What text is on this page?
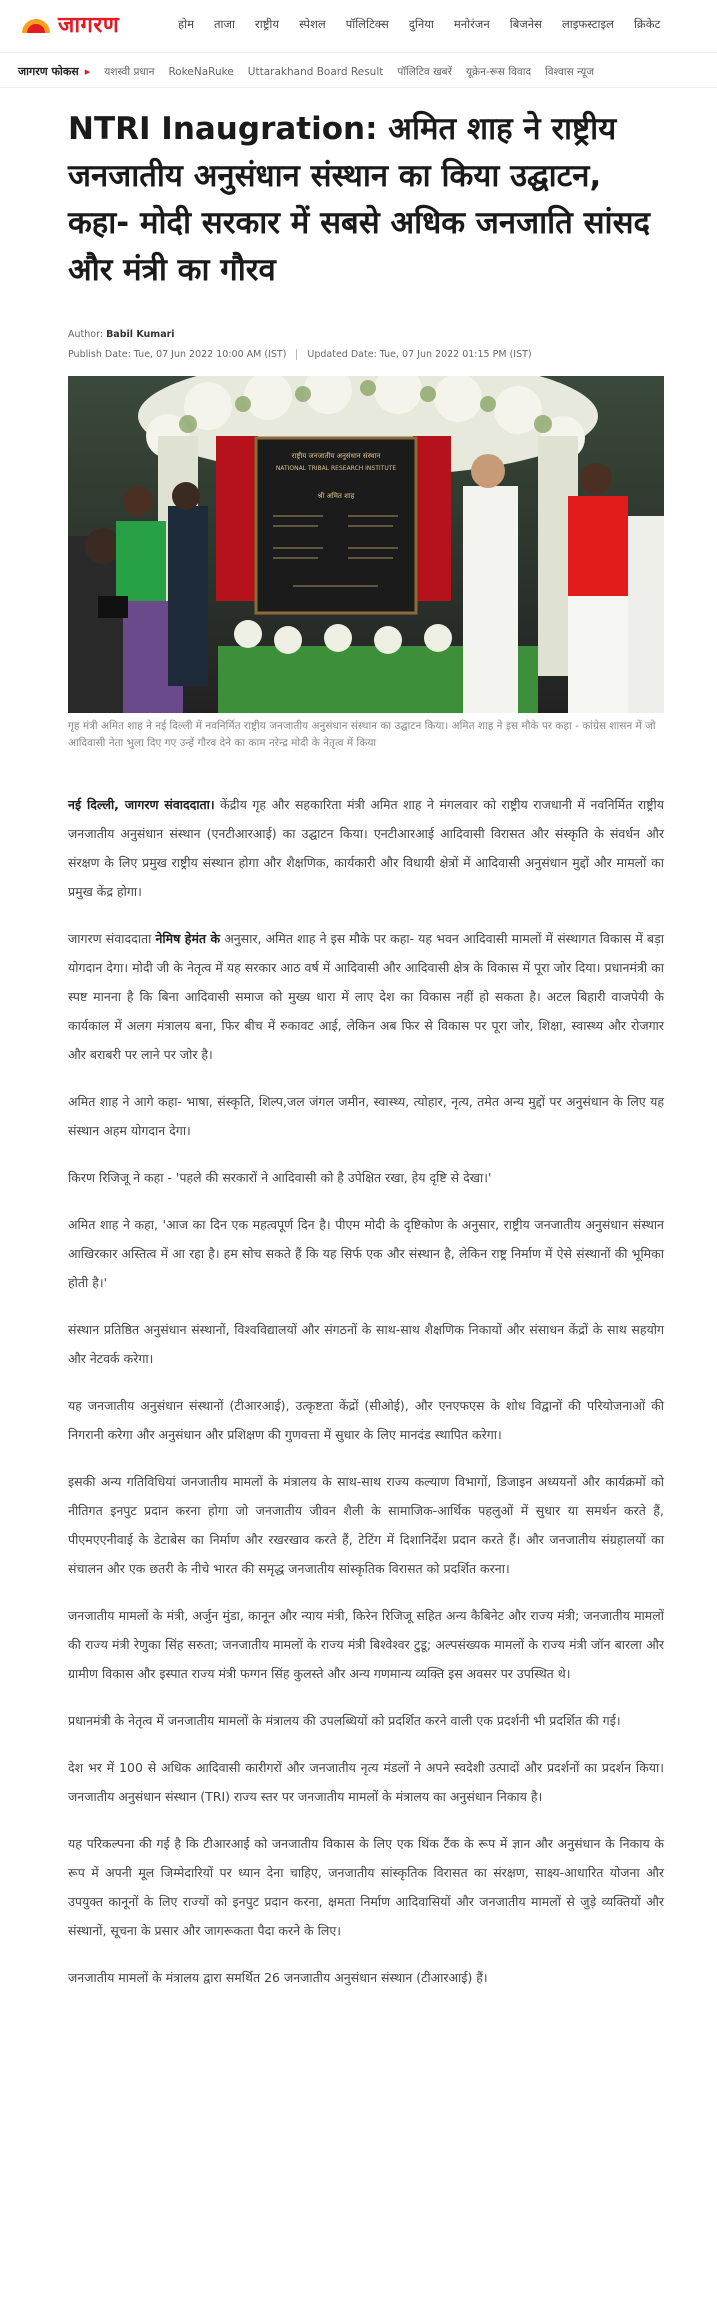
जागरण	होम ताजा राष्ट्रीय स्पेशल पॉलिटिक्स दुनिया मनोरंजन बिजनेस लाइफस्टाइल क्रिकेट
जागरण फोकस ▸ यशस्वी प्रधान RokeNaRuke Uttarakhand Board Result पॉलिटिव खबरें यूक्रेन-रूस विवाद विश्वास न्यूज
NTRI Inaugration: अमित शाह ने राष्ट्रीय जनजातीय अनुसंधान संस्थान का किया उद्घाटन, कहा- मोदी सरकार में सबसे अधिक जनजाति सांसद और मंत्री का गौरव
Author: Babil Kumari
Publish Date: Tue, 07 Jun 2022 10:00 AM (IST) Updated Date: Tue, 07 Jun 2022 01:15 PM (IST)
राष्ट्रीय जनजातीय अनुसंधान संस्थान
NATIONAL TRIBAL RESEARCH INSTITUTE
श्री अमित शाह
गृह मंत्री अमित शाह ने नई दिल्ली में नवनिर्मित राष्ट्रीय जनजातीय अनुसंधान संस्थान का उद्घाटन किया। अमित शाह ने इस मौके पर कहा - कांग्रेस शासन में जो आदिवासी नेता भुला दिए गए उन्हें गौरव देने का काम नरेन्द्र मोदी के नेतृत्व में किया

नई दिल्ली, जागरण संवाददाता। केंद्रीय गृह और सहकारिता मंत्री अमित शाह ने मंगलवार को राष्ट्रीय राजधानी में नवनिर्मित राष्ट्रीय जनजातीय अनुसंधान संस्थान (एनटीआरआई) का उद्घाटन किया। एनटीआरआई आदिवासी विरासत और संस्कृति के संवर्धन और संरक्षण के लिए प्रमुख राष्ट्रीय संस्थान होगा और शैक्षणिक, कार्यकारी और विधायी क्षेत्रों में आदिवासी अनुसंधान मुद्दों और मामलों का प्रमुख केंद्र होगा।

जागरण संवाददाता नेमिष हेमंत के अनुसार, अमित शाह ने इस मौके पर कहा- यह भवन आदिवासी मामलों में संस्थागत विकास में बड़ा योगदान देगा। मोदी जी के नेतृत्व में यह सरकार आठ वर्ष में आदिवासी और आदिवासी क्षेत्र के विकास में पूरा जोर दिया। प्रधानमंत्री का स्पष्ट मानना है कि बिना आदिवासी समाज को मुख्य धारा में लाए देश का विकास नहीं हो सकता है। अटल बिहारी वाजपेयी के कार्यकाल में अलग मंत्रालय बना, फिर बीच में रुकावट आई, लेकिन अब फिर से विकास पर पूरा जोर, शिक्षा, स्वास्थ्य और रोजगार और बराबरी पर लाने पर जोर है।

अमित शाह ने आगे कहा- भाषा, संस्कृति, शिल्प,जल जंगल जमीन, स्वास्थ्य, त्योहार, नृत्य, तमेत अन्य मुद्दों पर अनुसंधान के लिए यह संस्थान अहम योगदान देगा।

किरण रिजिजू ने कहा - 'पहले की सरकारों ने आदिवासी को है उपेक्षित रखा, हेय दृष्टि से देखा।'

अमित शाह ने कहा, 'आज का दिन एक महत्वपूर्ण दिन है। पीएम मोदी के दृष्टिकोण के अनुसार, राष्ट्रीय जनजातीय अनुसंधान संस्थान आखिरकार अस्तित्व में आ रहा है। हम सोच सकते हैं कि यह सिर्फ एक और संस्थान है, लेकिन राष्ट्र निर्माण में ऐसे संस्थानों की भूमिका होती है।'

संस्थान प्रतिष्ठित अनुसंधान संस्थानों, विश्वविद्यालयों और संगठनों के साथ-साथ शैक्षणिक निकायों और संसाधन केंद्रों के साथ सहयोग और नेटवर्क करेगा।

यह जनजातीय अनुसंधान संस्थानों (टीआरआई), उत्कृष्टता केंद्रों (सीओई), और एनएफएस के शोध विद्वानों की परियोजनाओं की निगरानी करेगा और अनुसंधान और प्रशिक्षण की गुणवत्ता में सुधार के लिए मानदंड स्थापित करेगा।

इसकी अन्य गतिविधियां जनजातीय मामलों के मंत्रालय के साथ-साथ राज्य कल्याण विभागों, डिजाइन अध्ययनों और कार्यक्रमों को नीतिगत इनपुट प्रदान करना होगा जो जनजातीय जीवन शैली के सामाजिक-आर्थिक पहलुओं में सुधार या समर्थन करते हैं, पीएमएएनीवाई के डेटाबेस का निर्माण और रखरखाव करते हैं, टेटिंग में दिशानिर्देश प्रदान करते हैं। और जनजातीय संग्रहालयों का संचालन और एक छतरी के नीचे भारत की समृद्ध जनजातीय सांस्कृतिक विरासत को प्रदर्शित करना।

जनजातीय मामलों के मंत्री, अर्जुन मुंडा, कानून और न्याय मंत्री, किरेन रिजिजू सहित अन्य कैबिनेट और राज्य मंत्री; जनजातीय मामलों की राज्य मंत्री रेणुका सिंह सरुता; जनजातीय मामलों के राज्य मंत्री बिश्वेश्वर टुडू; अल्पसंख्यक मामलों के राज्य मंत्री जॉन बारला और ग्रामीण विकास और इस्पात राज्य मंत्री फग्गन सिंह कुलस्ते और अन्य गणमान्य व्यक्ति इस अवसर पर उपस्थित थे।

प्रधानमंत्री के नेतृत्व में जनजातीय मामलों के मंत्रालय की उपलब्धियों को प्रदर्शित करने वाली एक प्रदर्शनी भी प्रदर्शित की गई।

देश भर में 100 से अधिक आदिवासी कारीगरों और जनजातीय नृत्य मंडलों ने अपने स्वदेशी उत्पादों और प्रदर्शनों का प्रदर्शन किया। जनजातीय अनुसंधान संस्थान (TRI) राज्य स्तर पर जनजातीय मामलों के मंत्रालय का अनुसंधान निकाय है।

यह परिकल्पना की गई है कि टीआरआई को जनजातीय विकास के लिए एक थिंक टैंक के रूप में ज्ञान और अनुसंधान के निकाय के रूप में अपनी मूल जिम्मेदारियों पर ध्यान देना चाहिए, जनजातीय सांस्कृतिक विरासत का संरक्षण, साक्ष्य-आधारित योजना और उपयुक्त कानूनों के लिए राज्यों को इनपुट प्रदान करना, क्षमता निर्माण आदिवासियों और जनजातीय मामलों से जुड़े व्यक्तियों और संस्थानों, सूचना के प्रसार और जागरूकता पैदा करने के लिए।

जनजातीय मामलों के मंत्रालय द्वारा समर्थित 26 जनजातीय अनुसंधान संस्थान (टीआरआई) हैं।
